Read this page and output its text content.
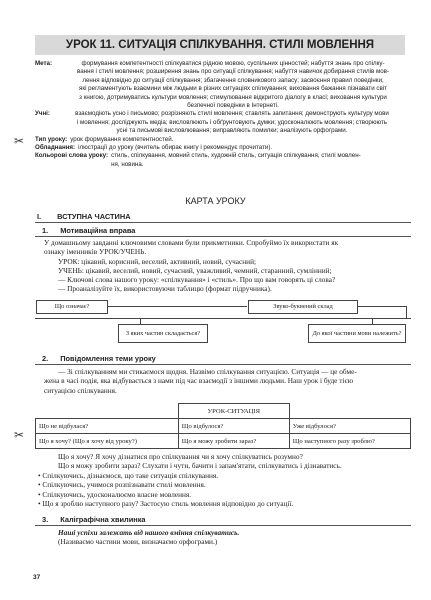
УРОК 11. СИТУАЦІЯ СПІЛКУВАННЯ. СТИЛІ МОВЛЕННЯ
Мета:	формування компетентності спілкуватися рідною мовою, суспільних цінностей; набуття знань про спілку-
вання і стилі мовлення; розширення знань про ситуації спілкування; набуття навичок добирання стилів мов-
лення відповідно до ситуації спілкування; збагачення словникового запасу; засвоєння правил поведінки,
які регламентують взаємини між людьми в різних ситуаціях спілкування; виховання бажання пізнавати світ
з книгою, дотримуватись культури мовлення; стимулювання відкритого діалогу в класі; виховання культури
безпечної поведінки в Інтернеті.
Учні:	взаємодіють усно і письмово; розрізняють стилі мовлення; ставлять запитання; демонструють культуру мови
і мовлення; досліджують медіа; висловлюють і обґрунтовують думки; удосконалюють мовлення; створюють
усні та письмові висловлювання; виправляють помилки; аналізують орфограми.
Тип уроку: урок формування компетентностей.
Обладнання: ілюстрації до уроку (вчитель обирає книгу і рекомендує прочитати).
Кольорові слова уроку: стиль, спілкування, мовний стиль, художній стиль, ситуація спілкування, стилі мовлен-
ня, новина.
✂
✂
КАРТА УРОКУ
I. ВСТУПНА ЧАСТИНА
1. Мотиваційна вправа
У домашньому завданні ключовими словами були прикметники. Спробуймо їх використати як
ознаку іменників УРОК/УЧЕНЬ.
УРОК: цікавий, корисний, веселий, активний, новий, сучасний;
УЧЕНЬ: цікавий, веселий, новий, сучасний, уважливий, чемний, старанний, сумлінний;
— Ключові слова нашого уроку: «спілкування» і «стиль». Про що вам говорять ці слова?
— Проаналізуйте їх, використовуючи таблицю (формат підручника).
Що означає?	Звуко-буквений склад
З яких частин складається?	До якої частини мови належить?
2. Повідомлення теми уроку
— Зі спілкуванням ми стикаємося щодня. Назвімо спілкування ситуацією. Ситуація — це обме-
жена в часі подія, яка відбувається з нами під час взаємодії з іншими людьми. Наш урок і буде тією
ситуацією спілкування.
	УРОК-СИТУАЦІЯ	
Що не відбулася?	Що відбулося?	Уже відбулося?
Що я хочу? (Що я хочу від уроку?)	Що я можу зробити зараз?	Що наступного разу зроблю?
Що я хочу? Я хочу дізнатися про спілкування чи я хочу спілкуватись розумно?
Що я можу зробити зараз? Слухати і чути, бачити і запам'ятати, спілкуватись і дізнаватись.
• Спілкуючись, дізнаємося, що таке ситуація спілкування.
• Спілкуючись, учимося розпізнавати стилі мовлення.
• Спілкуючись, удосконалюємо власне мовлення.
• Що я зроблю наступного разу? Застосую стиль мовлення відповідно до ситуації.
3. Каліграфічна хвилинка
Наші успіхи залежать від нашого вміння спілкуватись.
(Називаємо частини мови, визначаємо орфограми.)
37
